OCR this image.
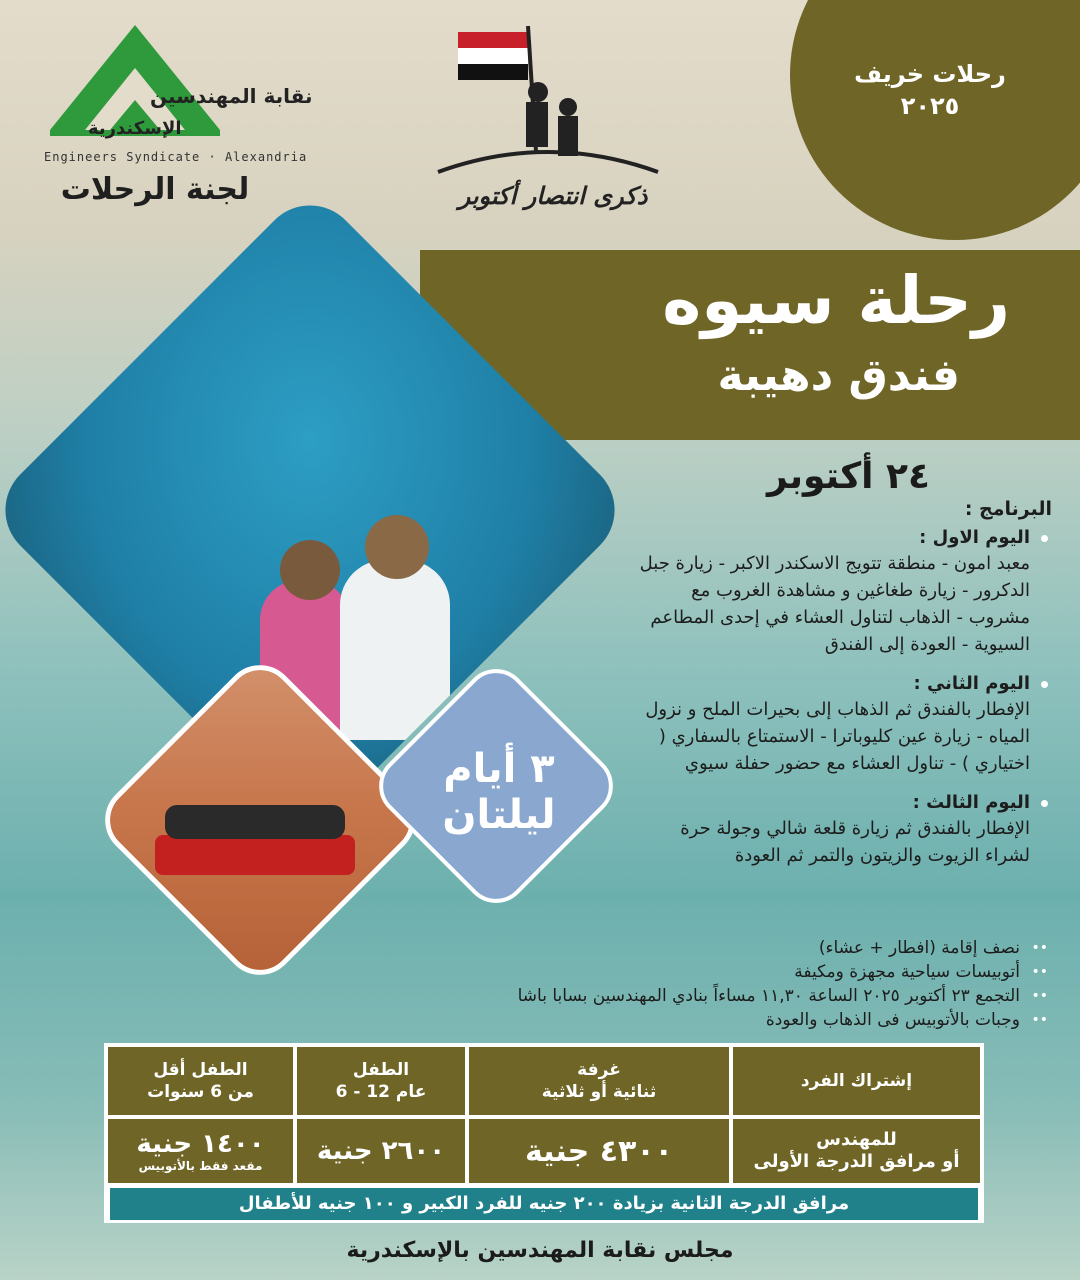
رحلات خريف
٢٠٢٥
نقابة المهندسين
الإسكندرية
Engineers Syndicate · Alexandria
لجنة الرحلات	ذكرى انتصار أكتوبر
رحلة سيوه
فندق دهيبة
٣ أيام
ليلتان
٢٤ أكتوبر
البرنامج :
اليوم الاول :
معبد امون - منطقة تتويج الاسكندر الاكبر - زيارة جبل الدكرور - زيارة طغاغين و مشاهدة الغروب مع مشروب - الذهاب لتناول العشاء في إحدى المطاعم السيوية - العودة إلى الفندق
اليوم الثاني :
الإفطار بالفندق ثم الذهاب إلى بحيرات الملح و نزول المياه - زيارة عين كليوباترا - الاستمتاع بالسفاري ( اختياري ) - تناول العشاء مع حضور حفلة سيوي
اليوم الثالث :
الإفطار بالفندق ثم زيارة قلعة شالي وجولة حرة لشراء الزيوت والزيتون والتمر ثم العودة
•• نصف إقامة (افطار + عشاء)
•• أتوبيسات سياحية مجهزة ومكيفة
•• التجمع ٢٣ أكتوبر ٢٠٢٥ الساعة ١١,٣٠ مساءاً بنادي المهندسين بسابا باشا
•• وجبات بالأتوبيس فى الذهاب والعودة
إشتراك الفرد
غرفة
ثنائية أو ثلاثية
الطفل
6 - 12 عام
الطفل أقل
من 6 سنوات
للمهندس
أو مرافق الدرجة الأولى
٤٣٠٠ جنية
٢٦٠٠ جنية
١٤٠٠ جنية
مقعد فقط بالأتوبيس
مرافق الدرجة الثانية بزيادة ٢٠٠ جنيه للفرد الكبير و ١٠٠ جنيه للأطفال
مجلس نقابة المهندسين بالإسكندرية
